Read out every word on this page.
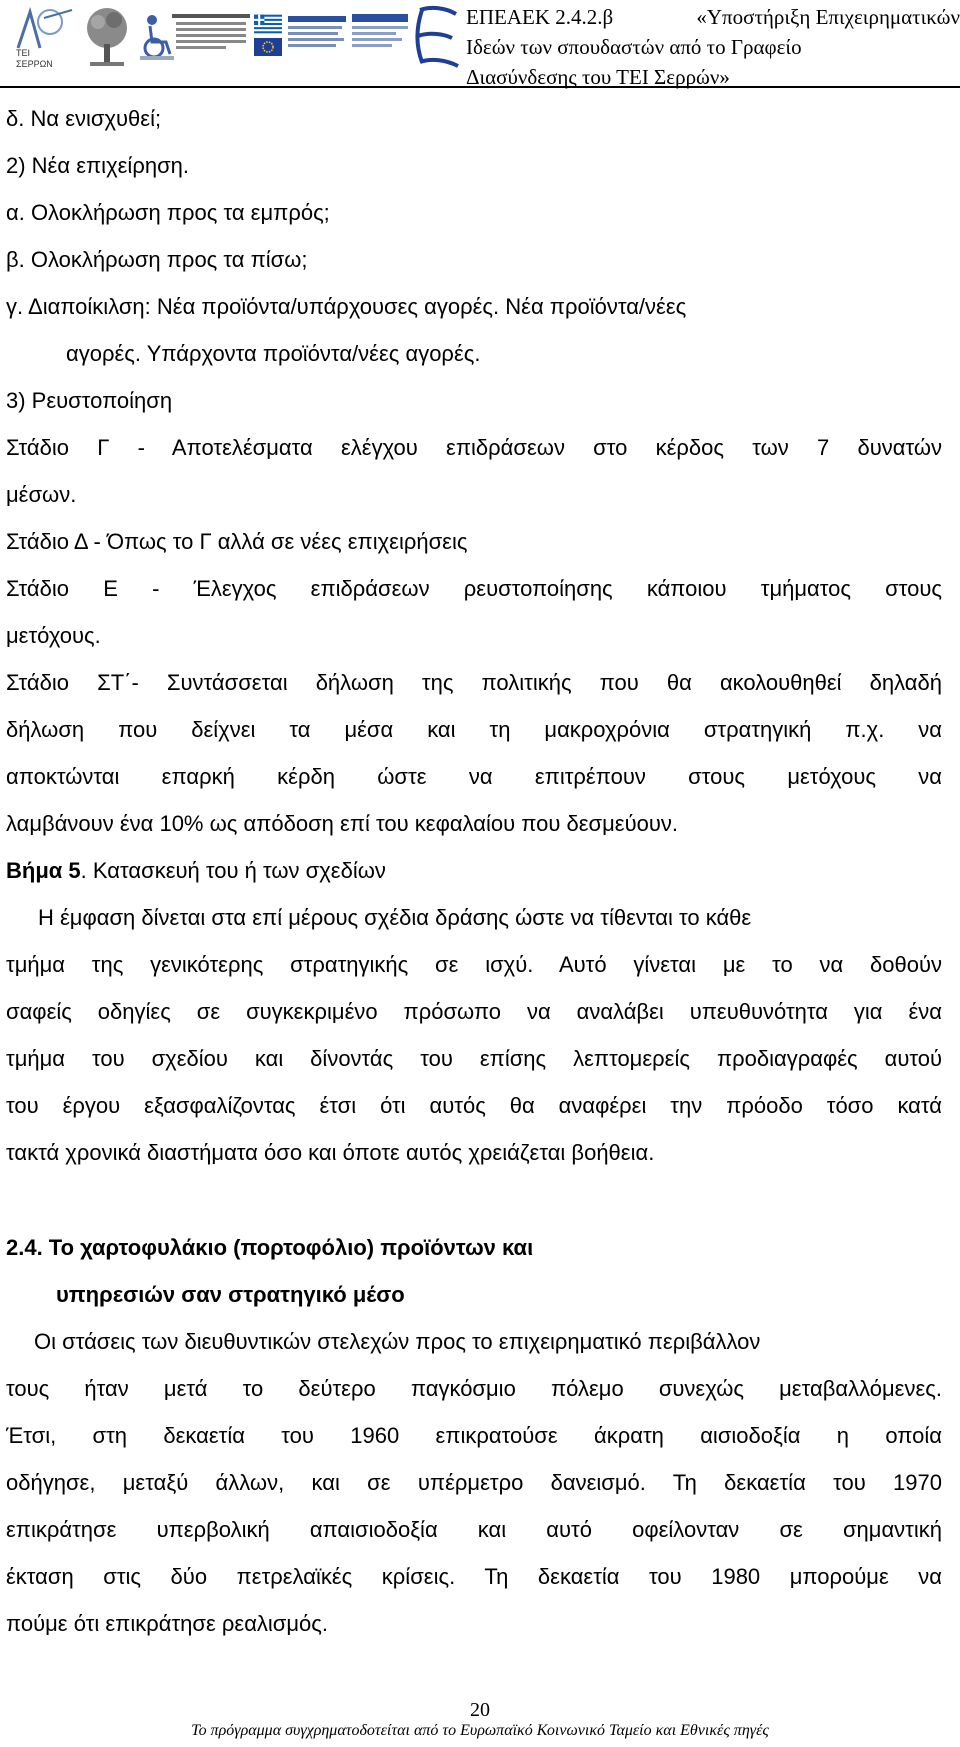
ΤΕΙ
ΣΕΡΡΩΝ
ΕΠΕΑΕΚ 2.4.2.β	«Υποστήριξη Επιχειρηματικών
Ιδεών των σπουδαστών από το Γραφείο
Διασύνδεσης του ΤΕΙ Σερρών»
δ. Να ενισχυθεί;
2) Νέα επιχείρηση.
α. Ολοκλήρωση προς τα εμπρός;
β. Ολοκλήρωση προς τα πίσω;
γ. Διαποίκιλση: Νέα προϊόντα/υπάρχουσες αγορές. Νέα προϊόντα/νέες
αγορές. Υπάρχοντα προϊόντα/νέες αγορές.
3) Ρευστοποίηση
Στάδιο Γ - Αποτελέσματα ελέγχου επιδράσεων στο κέρδος των 7 δυνατών
μέσων.
Στάδιο Δ - Όπως το Γ αλλά σε νέες επιχειρήσεις
Στάδιο Ε - Έλεγχος επιδράσεων ρευστοποίησης κάποιου τμήματος στους
μετόχους.
Στάδιο ΣΤ΄- Συντάσσεται δήλωση της πολιτικής που θα ακολουθηθεί δηλαδή
δήλωση που δείχνει τα μέσα και τη μακροχρόνια στρατηγική π.χ. να
αποκτώνται επαρκή κέρδη ώστε να επιτρέπουν στους μετόχους να
λαμβάνουν ένα 10% ως απόδοση επί του κεφαλαίου που δεσμεύουν.
Βήμα 5. Κατασκευή του ή των σχεδίων
Η έμφαση δίνεται στα επί μέρους σχέδια δράσης ώστε να τίθενται το κάθε
τμήμα της γενικότερης στρατηγικής σε ισχύ. Αυτό γίνεται με το να δοθούν
σαφείς οδηγίες σε συγκεκριμένο πρόσωπο να αναλάβει υπευθυνότητα για ένα
τμήμα του σχεδίου και δίνοντάς του επίσης λεπτομερείς προδιαγραφές αυτού
του έργου εξασφαλίζοντας έτσι ότι αυτός θα αναφέρει την πρόοδο τόσο κατά
τακτά χρονικά διαστήματα όσο και όποτε αυτός χρειάζεται βοήθεια.
2.4. Το χαρτοφυλάκιο (πορτοφόλιο) προϊόντων και
υπηρεσιών σαν στρατηγικό μέσο
Οι στάσεις των διευθυντικών στελεχών προς το επιχειρηματικό περιβάλλον
τους ήταν μετά το δεύτερο παγκόσμιο πόλεμο συνεχώς μεταβαλλόμενες.
Έτσι, στη δεκαετία του 1960 επικρατούσε άκρατη αισιοδοξία η οποία
οδήγησε, μεταξύ άλλων, και σε υπέρμετρο δανεισμό. Τη δεκαετία του 1970
επικράτησε υπερβολική απαισιοδοξία και αυτό οφείλονταν σε σημαντική
έκταση στις δύο πετρελαϊκές κρίσεις. Τη δεκαετία του 1980 μπορούμε να
πούμε ότι επικράτησε ρεαλισμός.
20
Το πρόγραμμα συγχρηματοδοτείται από το Ευρωπαϊκό Κοινωνικό Ταμείο και Εθνικές πηγές
